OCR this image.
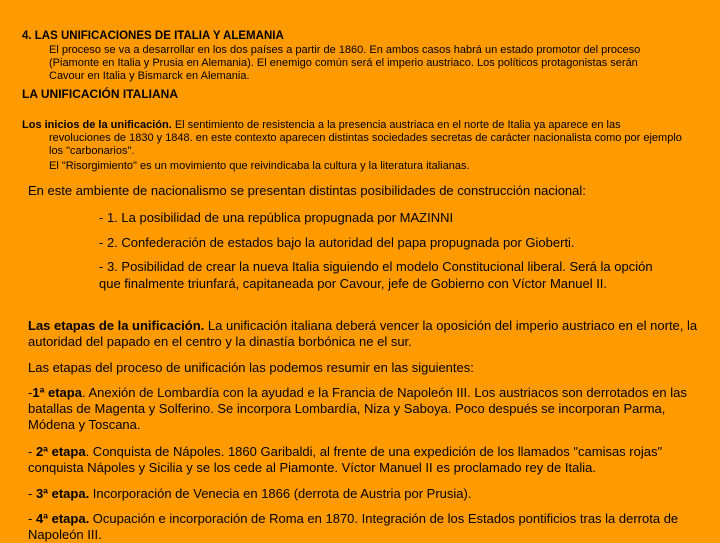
4. LAS UNIFICACIONES DE ITALIA Y ALEMANIA
El proceso se va a desarrollar en los dos países a partir de 1860. En ambos casos habrá un estado promotor del proceso (Piamonte en Italia y Prusia en Alemania). El enemigo común será el imperio austriaco. Los políticos protagonistas serán Cavour en Italia y Bismarck en Alemania.
LA UNIFICACIÓN ITALIANA
Los inicios de la unificación. El sentimiento de resistencia a la presencia austriaca en el norte de Italia ya aparece en las
revoluciones de 1830 y 1848. en este contexto aparecen distintas sociedades secretas de carácter nacionalista como por ejemplo los "carbonarios".
El "Risorgimiento" es un movimiento que reivindicaba la cultura y la literatura italianas.
En este ambiente de nacionalismo se presentan distintas posibilidades de construcción nacional:
- 1. La posibilidad de una república propugnada por MAZINNI
- 2. Confederación de estados bajo la autoridad del papa propugnada por Gioberti.
- 3. Posibilidad de crear la nueva Italia siguiendo el modelo Constitucional liberal. Será la opción que finalmente triunfará, capitaneada por Cavour, jefe de Gobierno con Víctor Manuel II.
Las etapas de la unificación. La unificación italiana deberá vencer la oposición del imperio austriaco en el norte, la autoridad del papado en el centro y la dinastía borbónica ne el sur.
Las etapas del proceso de unificación las podemos resumir en las siguientes:
-1ª etapa. Anexión de Lombardía con la ayudad e la Francia de Napoleón III. Los austriacos son derrotados en las batallas de Magenta y Solferino. Se incorpora Lombardía, Niza y Saboya. Poco después se incorporan Parma, Módena y Toscana.
- 2ª etapa. Conquista de Nápoles. 1860 Garibaldi, al frente de una expedición de los llamados "camisas rojas" conquista Nápoles y Sicilia y se los cede al Piamonte. Víctor Manuel II es proclamado rey de Italia.
- 3ª etapa. Incorporación de Venecia en 1866 (derrota de Austria por Prusia).
- 4ª etapa. Ocupación e incorporación de Roma en 1870. Integración de los Estados pontificios tras la derrota de Napoleón III.
